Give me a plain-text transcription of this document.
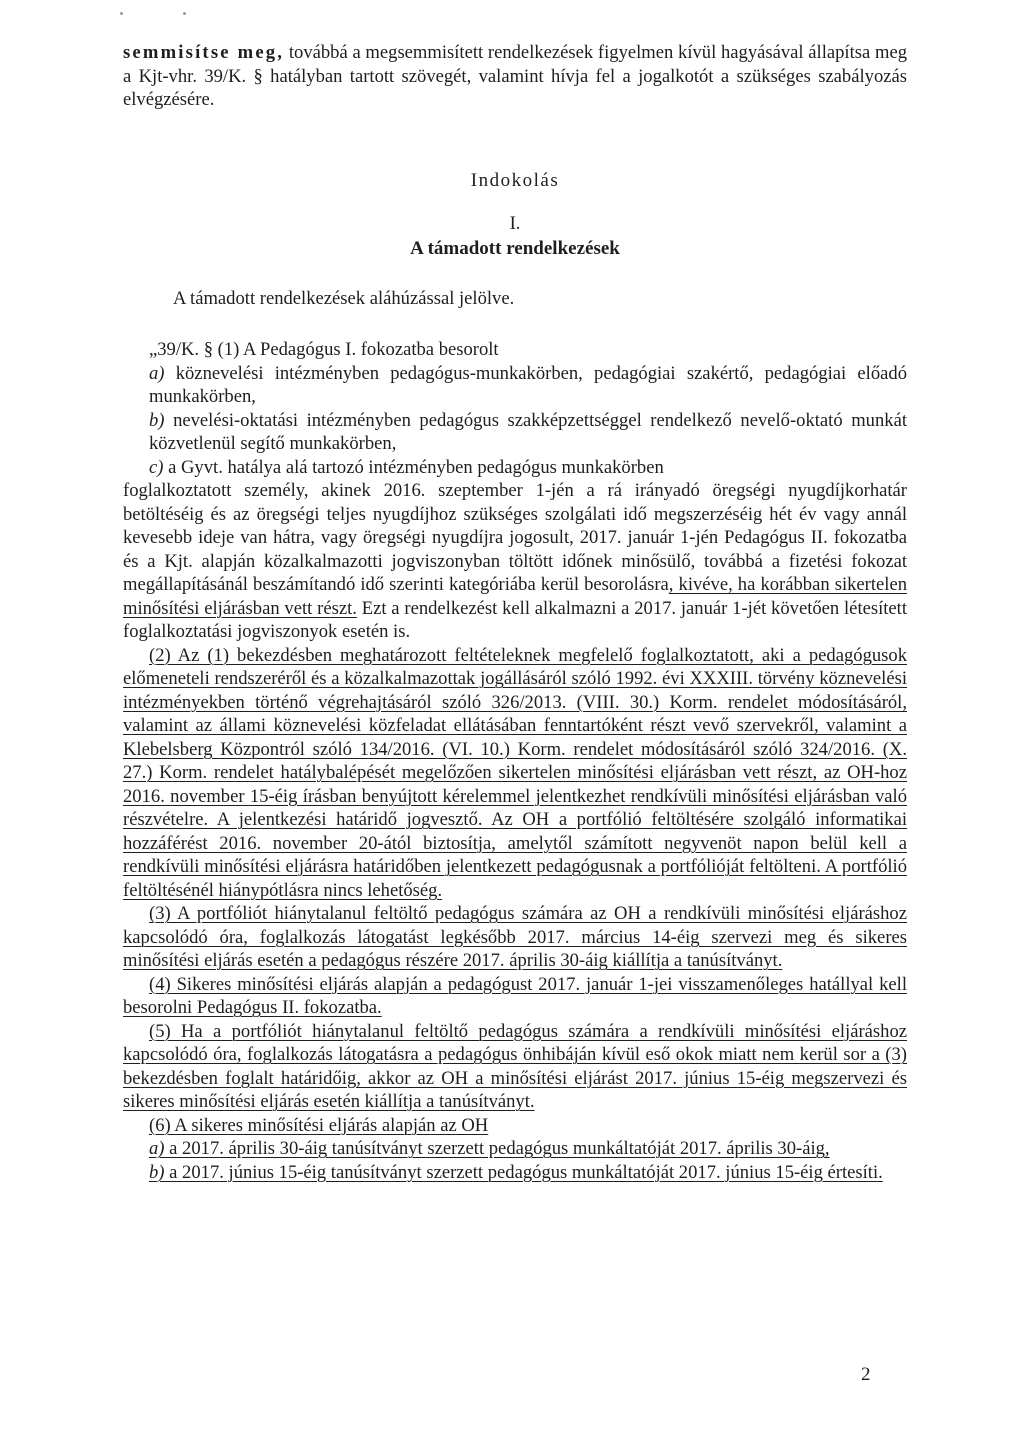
semmisítse meg, továbbá a megsemmisített rendelkezések figyelmen kívül hagyásával állapítsa meg a Kjt-vhr. 39/K. § hatályban tartott szövegét, valamint hívja fel a jogalkotót a szükséges szabályozás elvégzésére.
Indokolás
I.
A támadott rendelkezések
A támadott rendelkezések aláhúzással jelölve.

„39/K. § (1) A Pedagógus I. fokozatba besorolt

a) köznevelési intézményben pedagógus-munkakörben, pedagógiai szakértő, pedagógiai előadó munkakörben,

b) nevelési-oktatási intézményben pedagógus szakképzettséggel rendelkező nevelő-oktató munkát közvetlenül segítő munkakörben,

c) a Gyvt. hatálya alá tartozó intézményben pedagógus munkakörben

foglalkoztatott személy, akinek 2016. szeptember 1-jén a rá irányadó öregségi nyugdíjkorhatár betöltéséig és az öregségi teljes nyugdíjhoz szükséges szolgálati idő megszerzéséig hét év vagy annál kevesebb ideje van hátra, vagy öregségi nyugdíjra jogosult, 2017. január 1-jén Pedagógus II. fokozatba és a Kjt. alapján közalkalmazotti jogviszonyban töltött időnek minősülő, továbbá a fizetési fokozat megállapításánál beszámítandó idő szerinti kategóriába kerül besorolásra, kivéve, ha korábban sikertelen minősítési eljárásban vett részt. Ezt a rendelkezést kell alkalmazni a 2017. január 1-jét követően létesített foglalkoztatási jogviszonyok esetén is.

(2) Az (1) bekezdésben meghatározott feltételeknek megfelelő foglalkoztatott, aki a pedagógusok előmeneteli rendszeréről és a közalkalmazottak jogállásáról szóló 1992. évi XXXIII. törvény köznevelési intézményekben történő végrehajtásáról szóló 326/2013. (VIII. 30.) Korm. rendelet módosításáról, valamint az állami köznevelési közfeladat ellátásában fenntartóként részt vevő szervekről, valamint a Klebelsberg Központról szóló 134/2016. (VI. 10.) Korm. rendelet módosításáról szóló 324/2016. (X. 27.) Korm. rendelet hatálybalépését megelőzően sikertelen minősítési eljárásban vett részt, az OH-hoz 2016. november 15-éig írásban benyújtott kérelemmel jelentkezhet rendkívüli minősítési eljárásban való részvételre. A jelentkezési határidő jogvesztő. Az OH a portfólió feltöltésére szolgáló informatikai hozzáférést 2016. november 20-ától biztosítja, amelytől számított negyvenöt napon belül kell a rendkívüli minősítési eljárásra határidőben jelentkezett pedagógusnak a portfólióját feltölteni. A portfólió feltöltésénél hiánypótlásra nincs lehetőség.

(3) A portfóliót hiánytalanul feltöltő pedagógus számára az OH a rendkívüli minősítési eljáráshoz kapcsolódó óra, foglalkozás látogatást legkésőbb 2017. március 14-éig szervezi meg és sikeres minősítési eljárás esetén a pedagógus részére 2017. április 30-áig kiállítja a tanúsítványt.

(4) Sikeres minősítési eljárás alapján a pedagógust 2017. január 1-jei visszamenőleges hatállyal kell besorolni Pedagógus II. fokozatba.

(5) Ha a portfóliót hiánytalanul feltöltő pedagógus számára a rendkívüli minősítési eljáráshoz kapcsolódó óra, foglalkozás látogatásra a pedagógus önhibáján kívül eső okok miatt nem kerül sor a (3) bekezdésben foglalt határidőig, akkor az OH a minősítési eljárást 2017. június 15-éig megszervezi és sikeres minősítési eljárás esetén kiállítja a tanúsítványt.

(6) A sikeres minősítési eljárás alapján az OH

a) a 2017. április 30-áig tanúsítványt szerzett pedagógus munkáltatóját 2017. április 30-áig,

b) a 2017. június 15-éig tanúsítványt szerzett pedagógus munkáltatóját 2017. június 15-éig értesíti.

2
